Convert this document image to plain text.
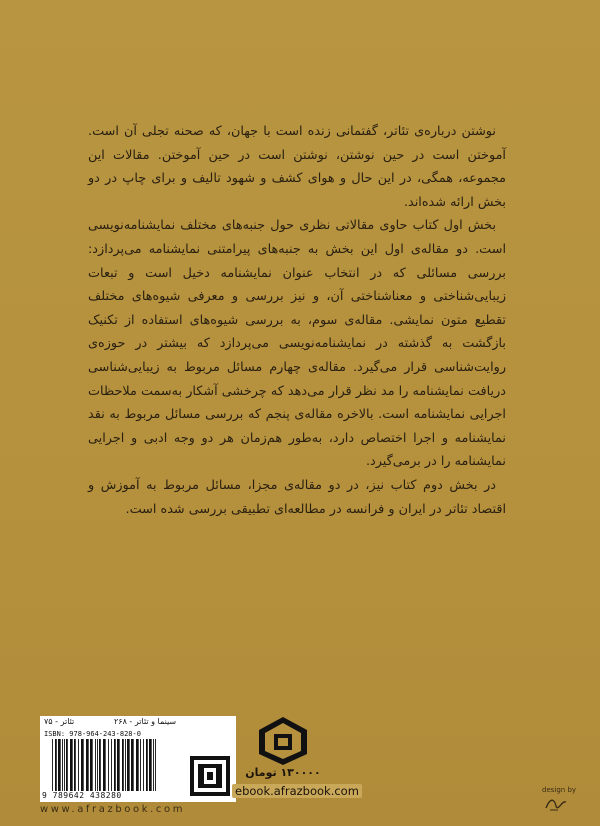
نوشتن درباره‌ی تئاتر، گفتمانی زنده است با جهان، که صحنه تجلی آن است. آموختن است در حین نوشتن، نوشتن است در حین آموختن. مقالات این مجموعه، همگی، در این حال و هوای کشف و شهود تالیف و برای چاپ در دو بخش ارائه شده‌اند.

بخش اول کتاب حاوی مقالاتی نظری حول جنبه‌های مختلف نمایشنامه‌نویسی است. دو مقاله‌ی اول این بخش به جنبه‌های پیرامتنی نمایشنامه می‌پردازد: بررسی مسائلی که در انتخاب عنوان نمایشنامه دخیل است و تبعات زیبایی‌شناختی و معناشناختی آن، و نیز بررسی و معرفی شیوه‌های مختلف تقطیع متون نمایشی. مقاله‌ی سوم، به بررسی شیوه‌های استفاده از تکنیک بازگشت به گذشته در نمایشنامه‌نویسی می‌پردازد که بیشتر در حوزه‌ی روایت‌شناسی قرار می‌گیرد. مقاله‌ی چهارم مسائل مربوط به زیبایی‌شناسی دریافت نمایشنامه را مد نظر قرار می‌دهد که چرخشی آشکار به‌سمت ملاحظات اجرایی نمایشنامه است. بالاخره مقاله‌ی پنجم که بررسی مسائل مربوط به نقد نمایشنامه و اجرا اختصاص دارد، به‌طور هم‌زمان هر دو وجه ادبی و اجرایی نمایشنامه را در برمی‌گیرد.

در بخش دوم کتاب نیز، در دو مقاله‌ی مجزا، مسائل مربوط به آموزش و اقتصاد تئاتر در ایران و فرانسه در مطالعه‌ای تطبیقی بررسی شده است.

تئاتر - ۷۵	سینما و تئاتر - ۲۶۸
ISBN: 978-964-243-828-0
9 789642 438280
۱۳۰۰۰۰ تومان
ebook.afrazbook.com
www.afrazbook.com
design by
